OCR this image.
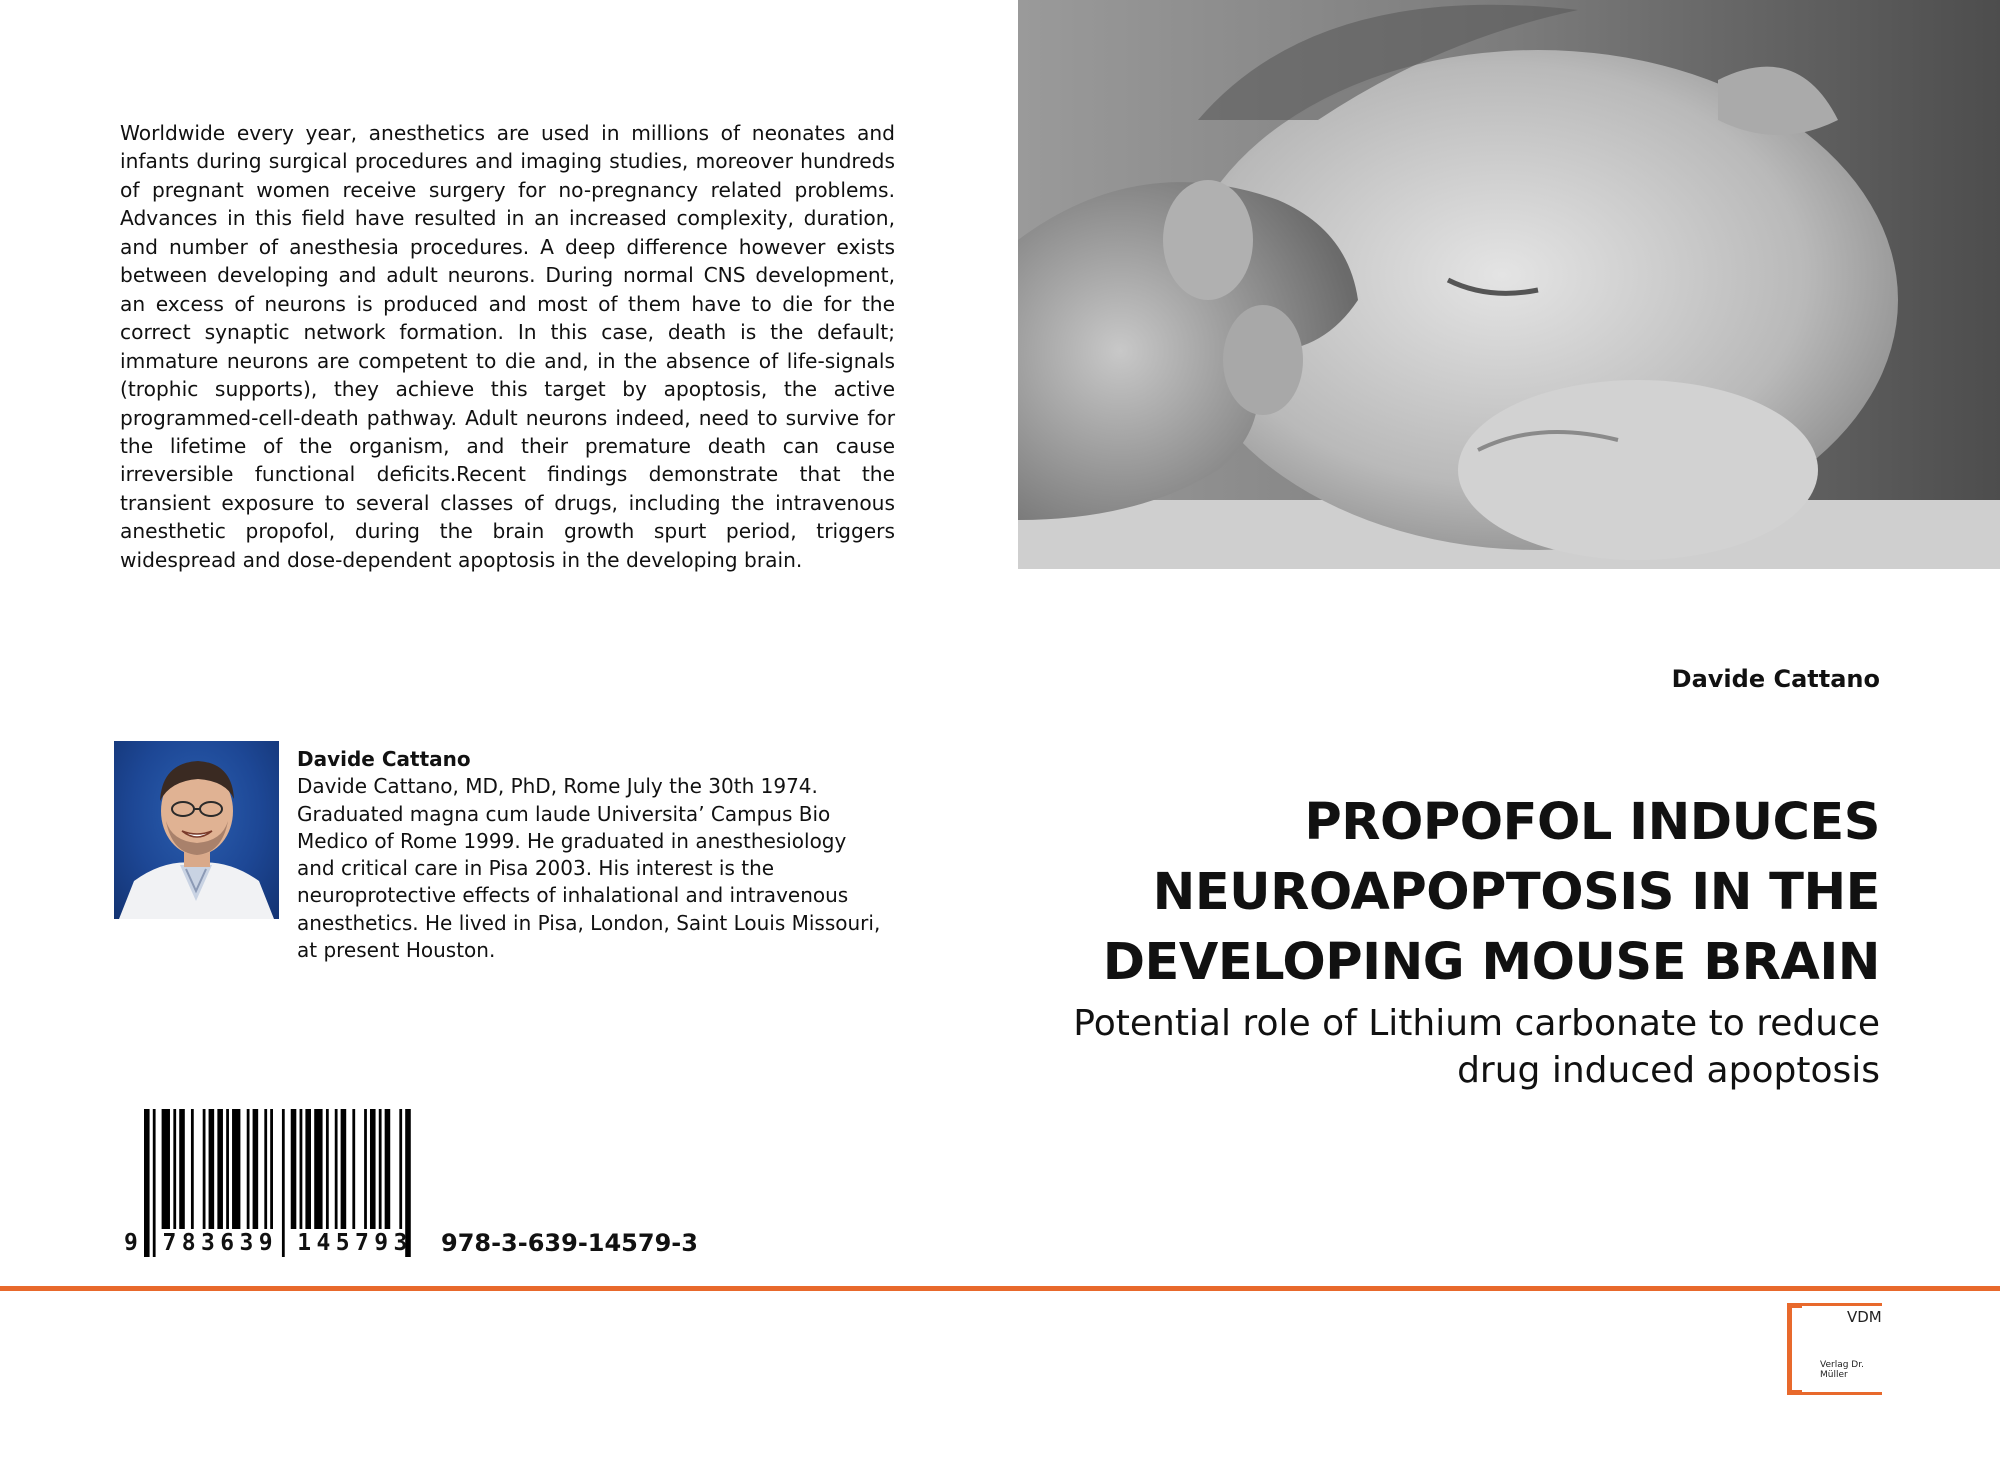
Worldwide every year, anesthetics are used in millions of neonates and infants during surgical procedures and imaging studies, moreover hundreds of pregnant women receive surgery for no-pregnancy related problems. Advances in this field have resulted in an increased complexity, duration, and number of anesthesia procedures. A deep difference however exists between developing and adult neurons. During normal CNS development, an excess of neurons is produced and most of them have to die for the correct synaptic network formation. In this case, death is the default; immature neurons are competent to die and, in the absence of life-signals (trophic supports), they achieve this target by apoptosis, the active programmed-cell-death pathway. Adult neurons indeed, need to survive for the lifetime of the organism, and their premature death can cause irreversible functional deficits.Recent findings demonstrate that the transient exposure to several classes of drugs, including the intravenous anesthetic propofol, during the brain growth spurt period, triggers widespread and dose-dependent apoptosis in the developing brain.

Davide Cattano
Davide Cattano, MD, PhD, Rome July the 30th 1974. Graduated magna cum laude Universita’ Campus Bio Medico of Rome 1999. He graduated in anesthesiology and critical care in Pisa 2003. His interest is the neuroprotective effects of inhalational and intravenous anesthetics. He lived in Pisa, London, Saint Louis Missouri, at present Houston.
9 783639 145793 978-3-639-14579-3
Davide Cattano
PROPOFOL INDUCES NEUROAPOPTOSIS IN THE DEVELOPING MOUSE BRAIN
Potential role of Lithium carbonate to reduce drug induced apoptosis
VDM
Verlag Dr. Müller
